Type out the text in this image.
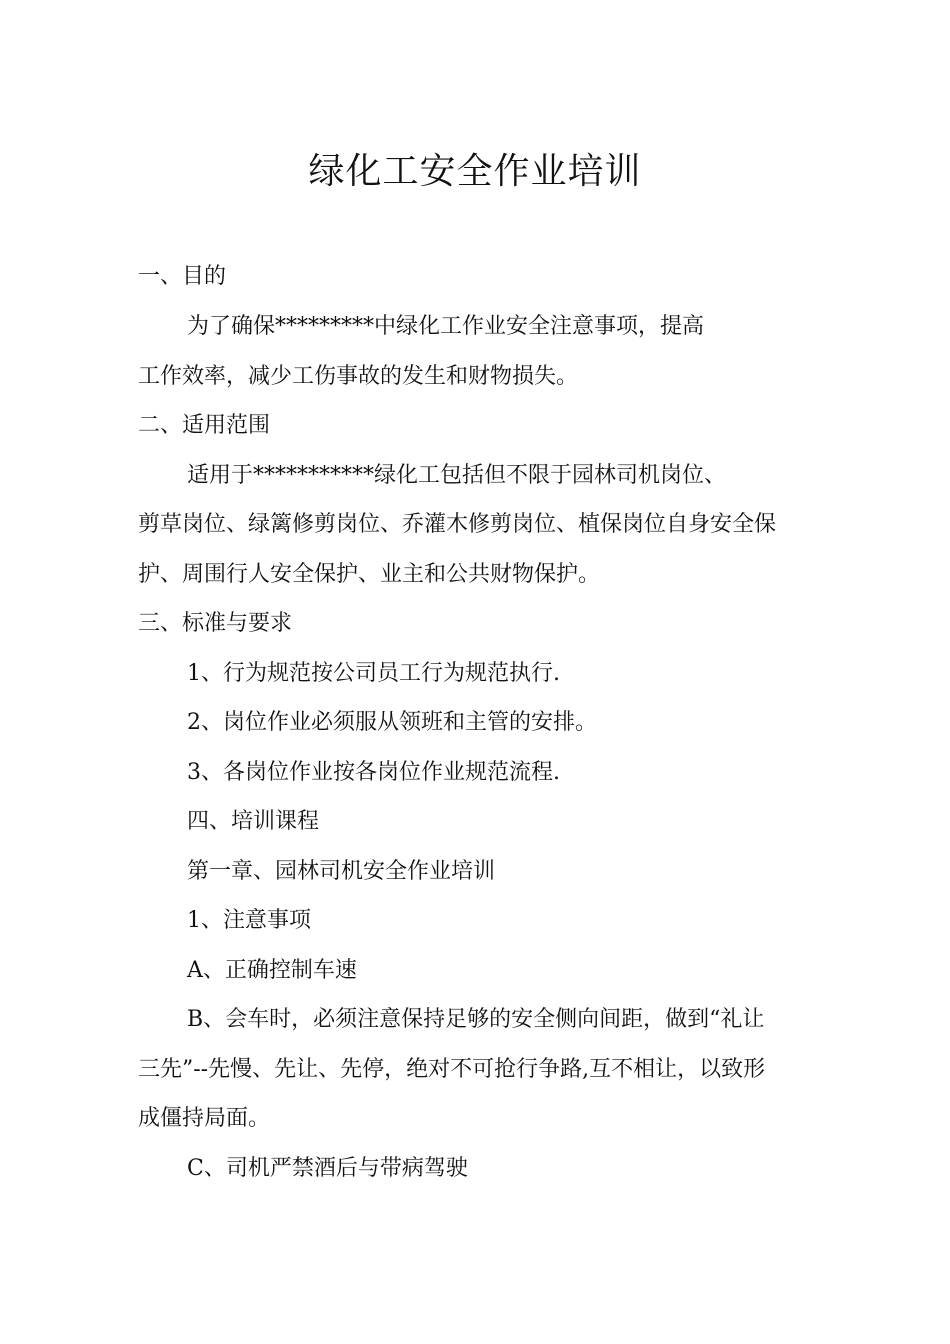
绿化工安全作业培训
一、目的
为了确保*********中绿化工作业安全注意事项，提高
工作效率，减少工伤事故的发生和财物损失。
二、适用范围
适用于***********绿化工包括但不限于园林司机岗位、
剪草岗位、绿篱修剪岗位、乔灌木修剪岗位、植保岗位自身安全保
护、周围行人安全保护、业主和公共财物保护。
三、标准与要求
1、行为规范按公司员工行为规范执行.
2、岗位作业必须服从领班和主管的安排。
3、各岗位作业按各岗位作业规范流程.
四、培训课程
第一章、园林司机安全作业培训
1、注意事项
A、正确控制车速
B、会车时，必须注意保持足够的安全侧向间距，做到“礼让
三先”--先慢、先让、先停，绝对不可抢行争路,互不相让，以致形
成僵持局面。
C、司机严禁酒后与带病驾驶
